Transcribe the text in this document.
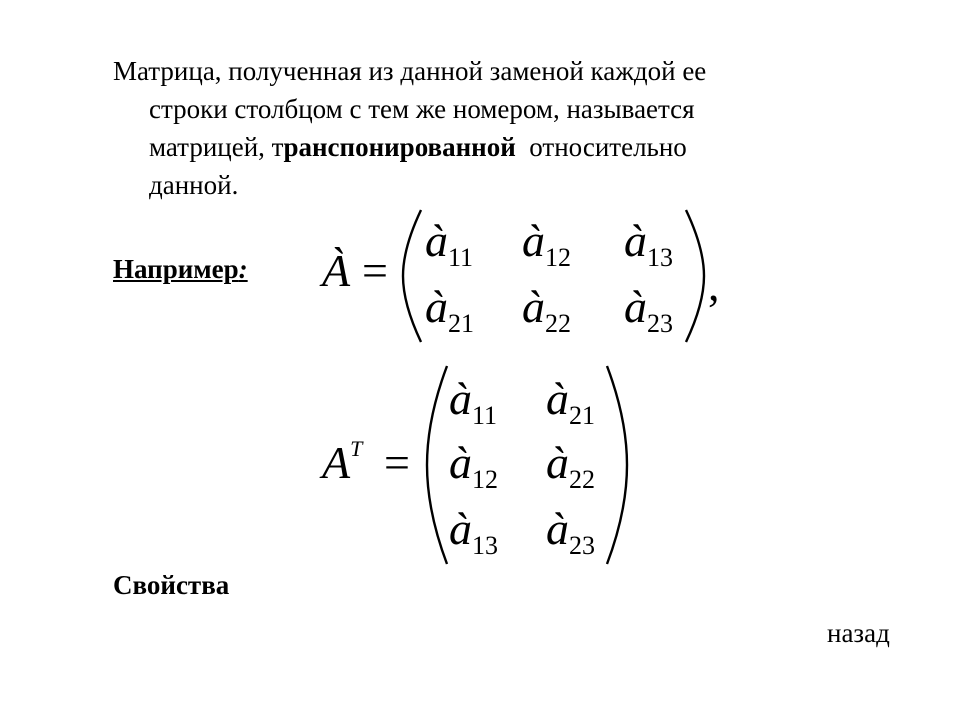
Матрица, полученная из данной заменой каждой ее
строки столбцом с тем же номером, называется
матрицей, транспонированной  относительно
данной.
Например: À =
$à_{11}$ $à_{12}$ $à_{13}$
$à_{21}$ $à_{22}$ $à_{23}$
,
$A^T$ =
$à_{11}$ $à_{21}$
$à_{12}$ $à_{22}$
$à_{13}$ $à_{23}$
Свойства
назад
